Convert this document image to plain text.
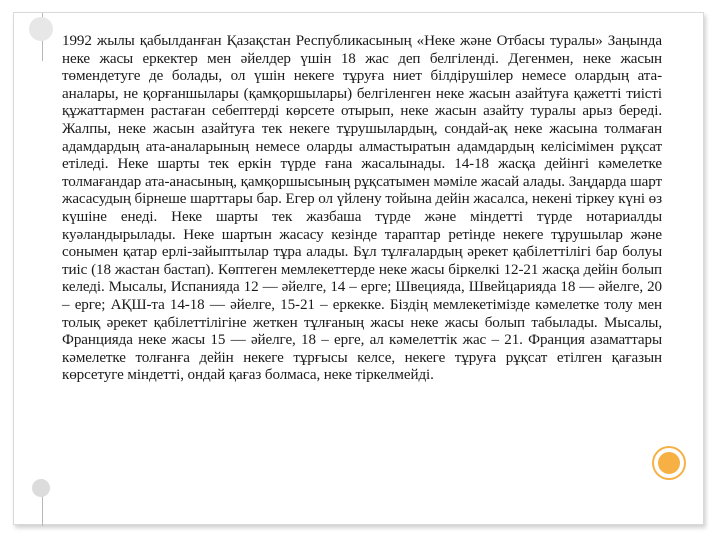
1992 жылы қабылданған Қазақстан Республикасының «Неке және Отбасы туралы» Заңында неке жасы еркектер мен әйелдер үшін 18 жас деп белгіленді. Дегенмен, неке жасын төмендетуге де болады, ол үшін некеге тұруға ниет білдірушілер немесе олардың ата-аналары, не қорғаншылары (қамқоршылары) белгіленген неке жасын азайтуға қажетті тиісті құжаттармен растаған себептерді көрсете отырып, неке жасын азайту туралы арыз береді. Жалпы, неке жасын азайтуға тек некеге тұрушылардың, сондай-ақ неке жасына толмаған адамдардың ата-аналарының немесе оларды алмастыратын адамдардың келісімімен рұқсат етіледі. Неке шарты тек еркін түрде ғана жасалынады. 14-18 жасқа дейінгі кәмелетке толмағандар ата-анасының, қамқоршысының рұқсатымен мәміле жасай алады. Заңдарда шарт жасасудың бірнеше шарттары бар. Егер ол үйлену тойына дейін жасалса, некені тіркеу күні өз күшіне енеді. Неке шарты тек жазбаша түрде және міндетті түрде нотариалды куәландырылады. Неке шартын жасасу кезінде тараптар ретінде некеге тұрушылар және сонымен қатар ерлі-зайыптылар тұра алады. Бұл тұлғалардың әрекет қабілеттілігі бар болуы тиіс (18 жастан бастап). Көптеген мемлекеттерде неке жасы біркелкі 12-21 жасқа дейін болып келеді. Мысалы, Испанияда 12 — әйелге, 14 – ерге; Швецияда, Швейцарияда 18 — әйелге, 20 – ерге; АҚШ-та 14-18 — әйелге, 15-21 – еркекке. Біздің мемлекетімізде кәмелетке толу мен толық әрекет қабілеттілігіне жеткен тұлғаның жасы неке жасы болып табылады. Мысалы, Францияда неке жасы 15 — әйелге, 18 – ерге, ал кәмелеттік жас – 21. Франция азаматтары кәмелетке толғанға дейін некеге тұрғысы келсе, некеге тұруға рұқсат етілген қағазын көрсетуге міндетті, ондай қағаз болмаса, неке тіркелмейді.
